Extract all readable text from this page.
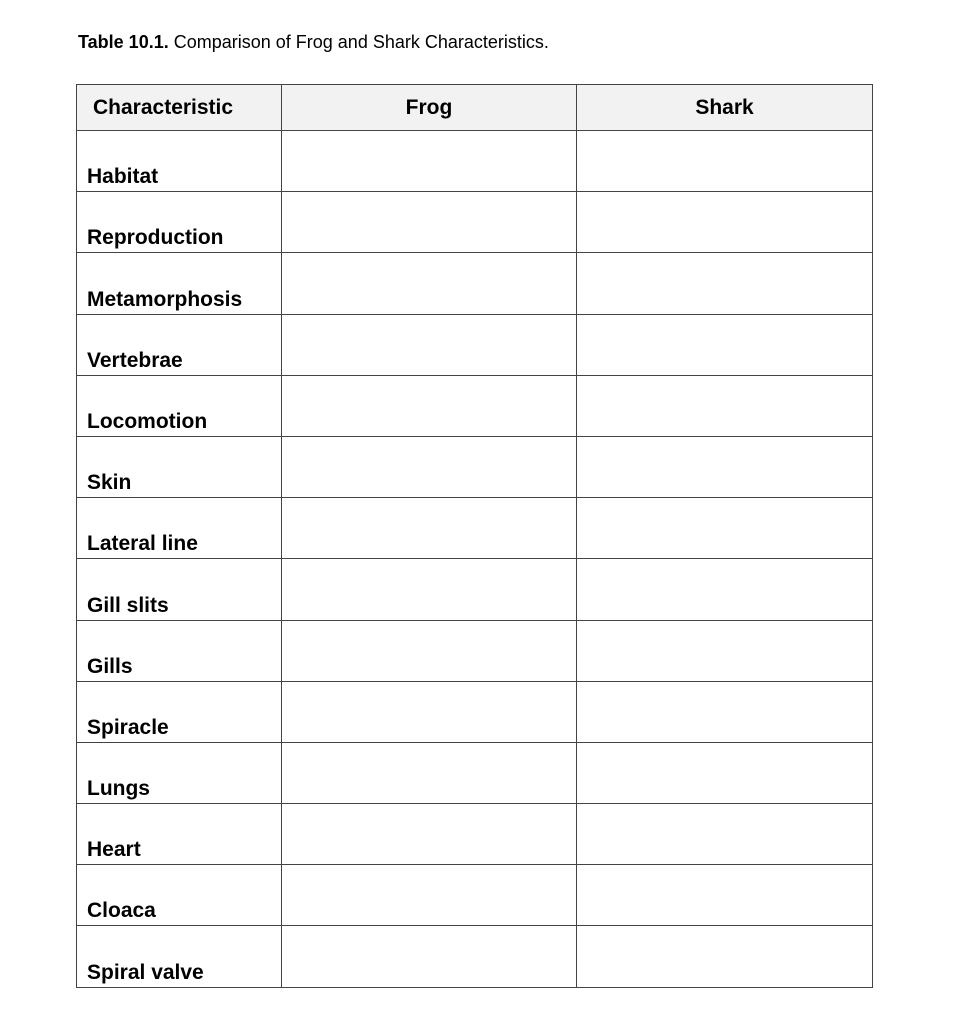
Table 10.1. Comparison of Frog and Shark Characteristics.
Characteristic	Frog	Shark
Habitat		
Reproduction		
Metamorphosis		
Vertebrae		
Locomotion		
Skin		
Lateral line		
Gill slits		
Gills		
Spiracle		
Lungs		
Heart		
Cloaca		
Spiral valve		
